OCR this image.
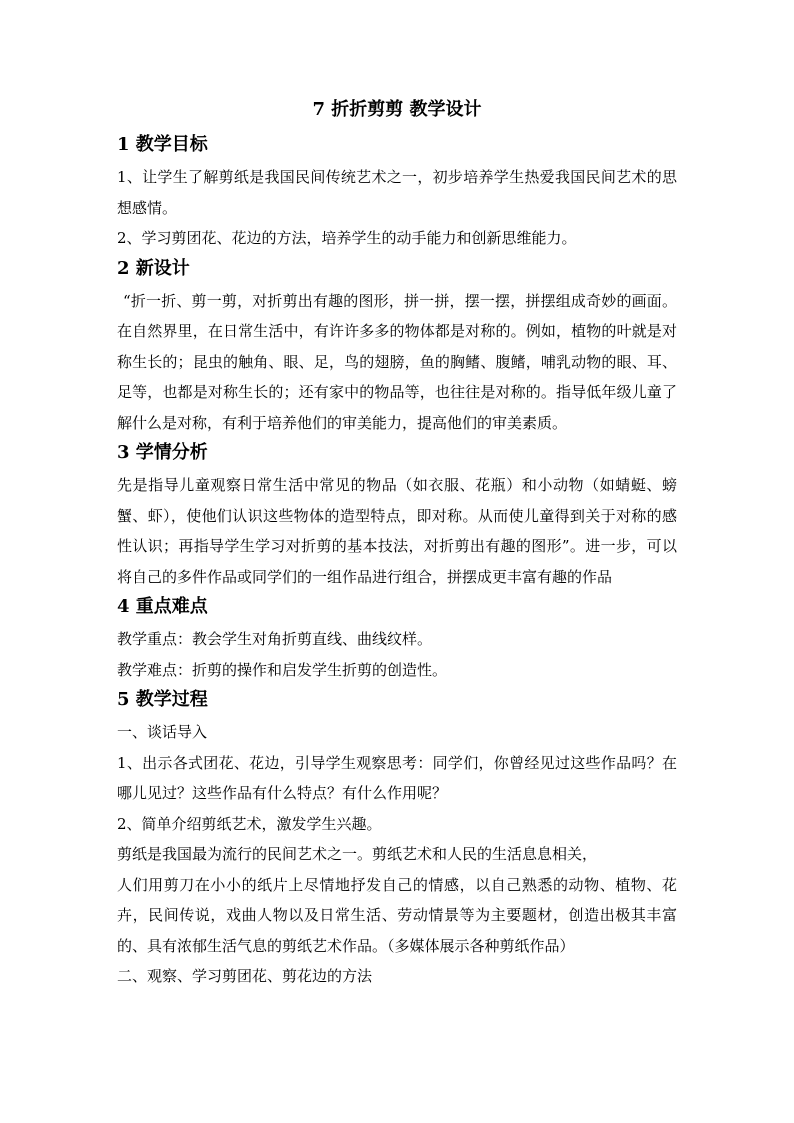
7 折折剪剪 教学设计
1 教学目标

1、让学生了解剪纸是我国民间传统艺术之一，初步培养学生热爱我国民间艺术的思想感情。

2、学习剪团花、花边的方法，培养学生的动手能力和创新思维能力。

2 新设计

“折一折、剪一剪，对折剪出有趣的图形，拼一拼，摆一摆，拼摆组成奇妙的画面。在自然界里，在日常生活中，有许许多多的物体都是对称的。例如，植物的叶就是对称生长的；昆虫的触角、眼、足，鸟的翅膀，鱼的胸鳍、腹鳍，哺乳动物的眼、耳、足等，也都是对称生长的；还有家中的物品等，也往往是对称的。指导低年级儿童了解什么是对称，有利于培养他们的审美能力，提高他们的审美素质。

3 学情分析

先是指导儿童观察日常生活中常见的物品（如衣服、花瓶）和小动物（如蜻蜓、螃蟹、虾），使他们认识这些物体的造型特点，即对称。从而使儿童得到关于对称的感性认识；再指导学生学习对折剪的基本技法，对折剪出有趣的图形”。进一步，可以将自己的多件作品或同学们的一组作品进行组合，拼摆成更丰富有趣的作品

4 重点难点

教学重点：教会学生对角折剪直线、曲线纹样。

教学难点：折剪的操作和启发学生折剪的创造性。

5 教学过程

一、谈话导入

1、出示各式团花、花边，引导学生观察思考：同学们，你曾经见过这些作品吗？在哪儿见过？这些作品有什么特点？有什么作用呢？

2、简单介绍剪纸艺术，激发学生兴趣。

剪纸是我国最为流行的民间艺术之一。剪纸艺术和人民的生活息息相关，

人们用剪刀在小小的纸片上尽情地抒发自己的情感，以自己熟悉的动物、植物、花卉，民间传说，戏曲人物以及日常生活、劳动情景等为主要题材，创造出极其丰富的、具有浓郁生活气息的剪纸艺术作品。（多媒体展示各种剪纸作品）

二、观察、学习剪团花、剪花边的方法
